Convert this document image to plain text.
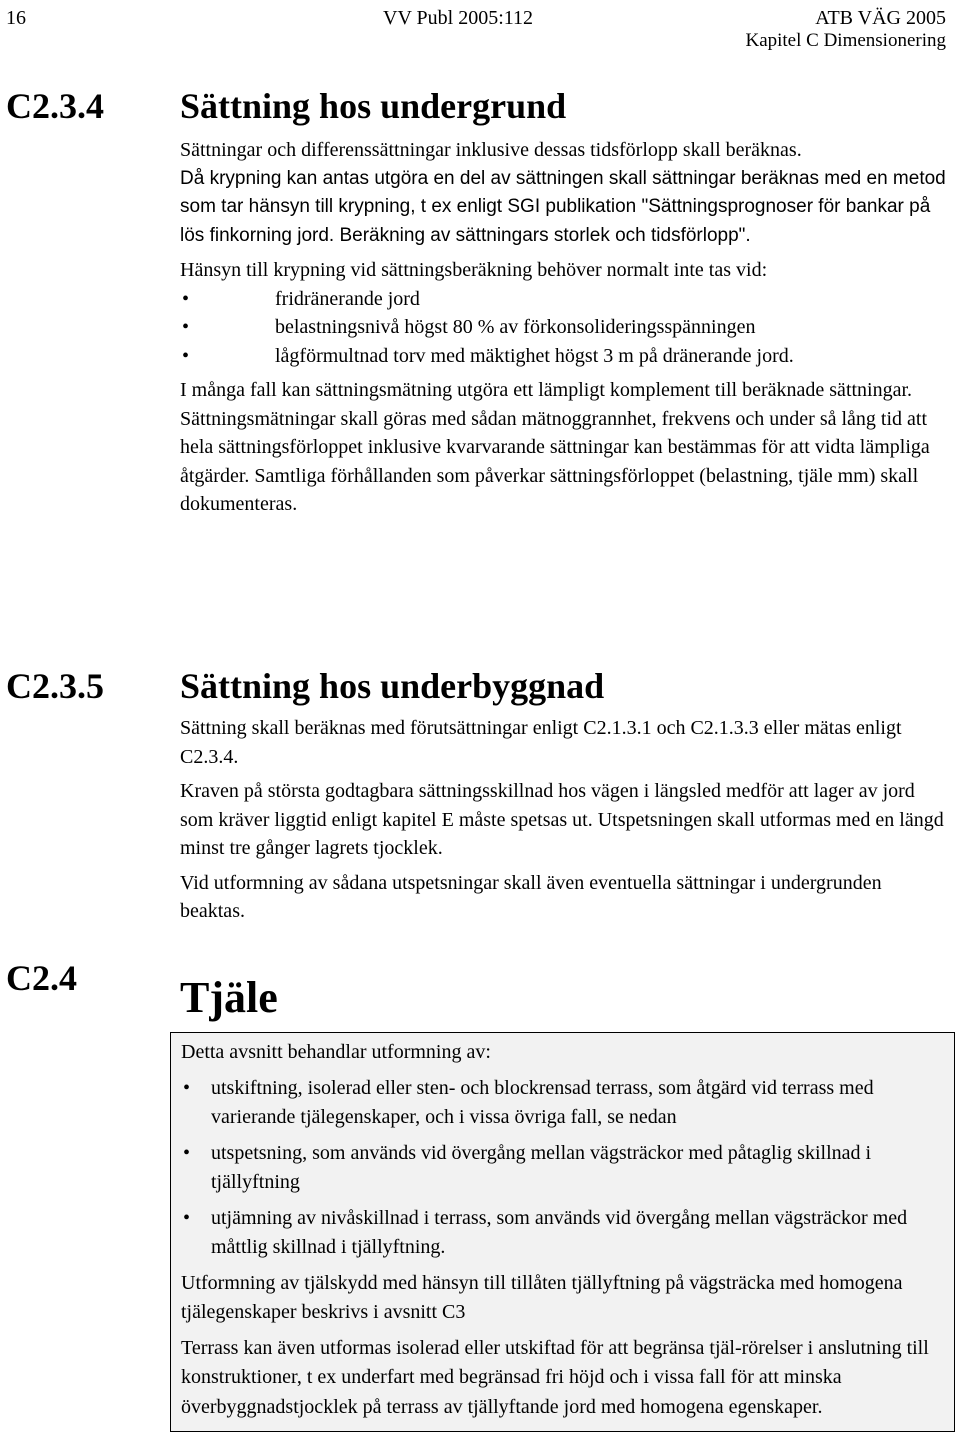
16	VV Publ 2005:112	ATB VÄG 2005
Kapitel C Dimensionering
C2.3.4 Sättning hos undergrund

Sättningar och differenssättningar inklusive dessas tidsförlopp skall beräknas.

Då krypning kan antas utgöra en del av sättningen skall sättningar beräknas med en metod som tar hänsyn till krypning, t ex enligt SGI publikation "Sättningsprognoser för bankar på lös finkorning jord. Beräkning av sättningars storlek och tidsförlopp".

Hänsyn till krypning vid sättningsberäkning behöver normalt inte tas vid:

• fridränerande jord
• belastningsnivå högst 80 % av förkonsolideringsspänningen
• lågförmultnad torv med mäktighet högst 3 m på dränerande jord.

I många fall kan sättningsmätning utgöra ett lämpligt komplement till beräknade sättningar. Sättningsmätningar skall göras med sådan mätnoggrannhet, frekvens och under så lång tid att hela sättningsförloppet inklusive kvarvarande sättningar kan bestämmas för att vidta lämpliga åtgärder. Samtliga förhållanden som påverkar sättningsförloppet (belastning, tjäle mm) skall dokumenteras.

C2.3.5 Sättning hos underbyggnad

Sättning skall beräknas med förutsättningar enligt C2.1.3.1 och C2.1.3.3 eller mätas enligt C2.3.4.

Kraven på största godtagbara sättningsskillnad hos vägen i längsled medför att lager av jord som kräver liggtid enligt kapitel E måste spetsas ut. Utspetsningen skall utformas med en längd minst tre gånger lagrets tjocklek.

Vid utformning av sådana utspetsningar skall även eventuella sättningar i undergrunden beaktas.

C2.4 Tjäle

Detta avsnitt behandlar utformning av:

• utskiftning, isolerad eller sten- och blockrensad terrass, som åtgärd vid terrass med varierande tjälegenskaper, och i vissa övriga fall, se nedan
• utspetsning, som används vid övergång mellan vägsträckor med påtaglig skillnad i tjällyftning
• utjämning av nivåskillnad i terrass, som används vid övergång mellan vägsträckor med måttlig skillnad i tjällyftning.

Utformning av tjälskydd med hänsyn till tillåten tjällyftning på vägsträcka med homogena tjälegenskaper beskrivs i avsnitt C3

Terrass kan även utformas isolerad eller utskiftad för att begränsa tjäl-rörelser i anslutning till konstruktioner, t ex underfart med begränsad fri höjd och i vissa fall för att minska överbyggnadstjocklek på terrass av tjällyftande jord med homogena egenskaper.
